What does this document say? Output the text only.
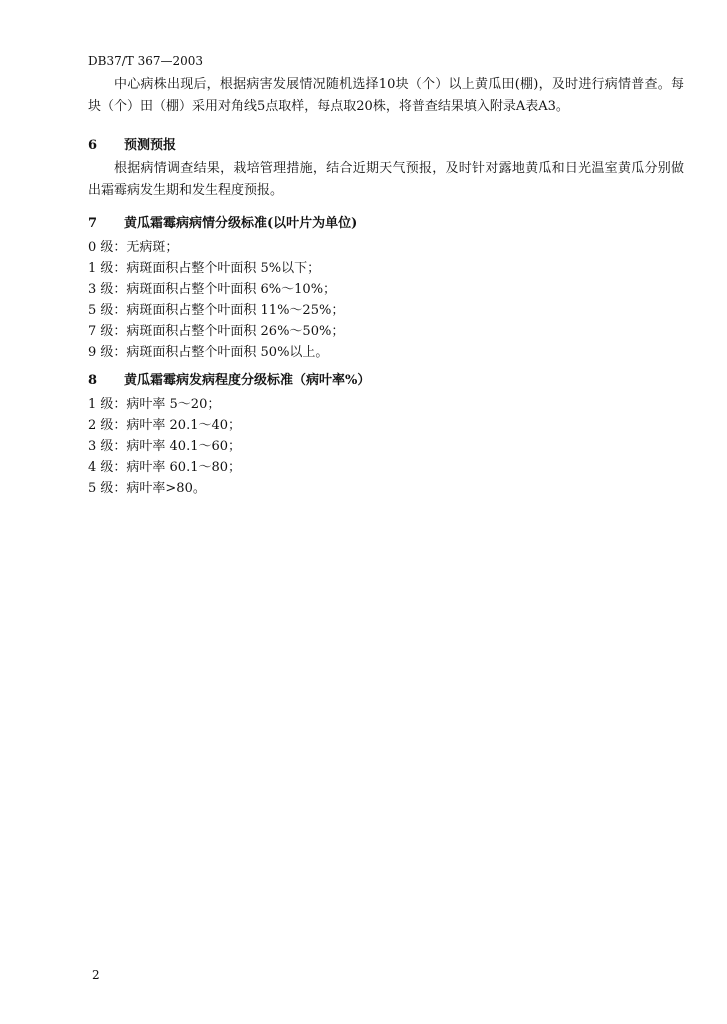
DB37/T 367—2003
中心病株出现后，根据病害发展情况随机选择10块（个）以上黄瓜田(棚)，及时进行病情普查。每块（个）田（棚）采用对角线5点取样，每点取20株，将普查结果填入附录A表A3。
6 预测预报
根据病情调查结果，栽培管理措施，结合近期天气预报，及时针对露地黄瓜和日光温室黄瓜分别做出霜霉病发生期和发生程度预报。
7 黄瓜霜霉病病情分级标准(以叶片为单位)
0 级：无病斑；
1 级：病斑面积占整个叶面积 5%以下；
3 级：病斑面积占整个叶面积 6%～10%；
5 级：病斑面积占整个叶面积 11%～25%；
7 级：病斑面积占整个叶面积 26%～50%；
9 级：病斑面积占整个叶面积 50%以上。
8 黄瓜霜霉病发病程度分级标准（病叶率%）
1 级：病叶率 5～20；
2 级：病叶率 20.1～40；
3 级：病叶率 40.1～60；
4 级：病叶率 60.1～80；
5 级：病叶率>80。
2
